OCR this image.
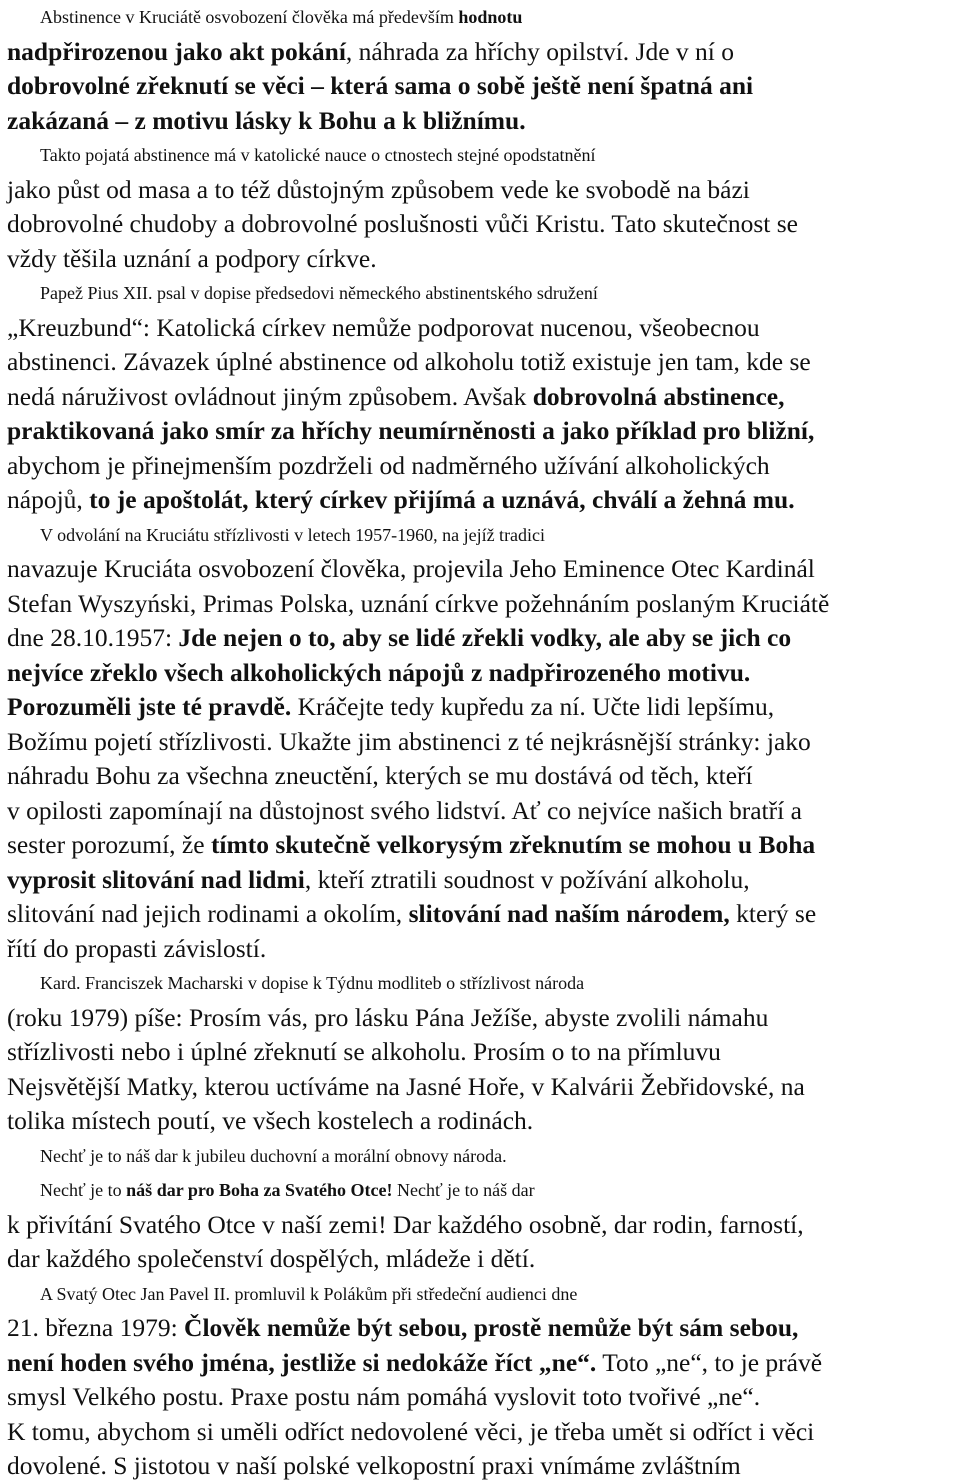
Abstinence v Kruciátě osvobození člověka má především hodnotu
nadpřirozenou jako akt pokání, náhrada za hříchy opilství. Jde v ní o
dobrovolné zřeknutí se věci – která sama o sobě ještě není špatná ani
zakázaná – z motivu lásky k Bohu a k bližnímu.
Takto pojatá abstinence má v katolické nauce o ctnostech stejné opodstatnění
jako půst od masa a to též důstojným způsobem vede ke svobodě na bázi
dobrovolné chudoby a dobrovolné poslušnosti vůči Kristu. Tato skutečnost se
vždy těšila uznání a podpory církve.
Papež Pius XII. psal v dopise předsedovi německého abstinentského sdružení
„Kreuzbund“: Katolická církev nemůže podporovat nucenou, všeobecnou
abstinenci. Závazek úplné abstinence od alkoholu totiž existuje jen tam, kde se
nedá náruživost ovládnout jiným způsobem. Avšak dobrovolná abstinence,
praktikovaná jako smír za hříchy neumírněnosti a jako příklad pro bližní,
abychom je přinejmenším pozdrželi od nadměrného užívání alkoholických
nápojů, to je apoštolát, který církev přijímá a uznává, chválí a žehná mu.
V odvolání na Kruciátu střízlivosti v letech 1957-1960, na jejíž tradici
navazuje Kruciáta osvobození člověka, projevila Jeho Eminence Otec Kardinál
Stefan Wyszyński, Primas Polska, uznání církve požehnáním poslaným Kruciátě
dne 28.10.1957: Jde nejen o to, aby se lidé zřekli vodky, ale aby se jich co
nejvíce zřeklo všech alkoholických nápojů z nadpřirozeného motivu.
Porozuměli jste té pravdě. Kráčejte tedy kupředu za ní. Učte lidi lepšímu,
Božímu pojetí střízlivosti. Ukažte jim abstinenci z té nejkrásnější stránky: jako
náhradu Bohu za všechna zneuctění, kterých se mu dostává od těch, kteří
v opilosti zapomínají na důstojnost svého lidství. Ať co nejvíce našich bratří a
sester porozumí, že tímto skutečně velkorysým zřeknutím se mohou u Boha
vyprosit slitování nad lidmi, kteří ztratili soudnost v požívání alkoholu,
slitování nad jejich rodinami a okolím, slitování nad naším národem, který se
řítí do propasti závislostí.
Kard. Franciszek Macharski v dopise k Týdnu modliteb o střízlivost národa
(roku 1979) píše: Prosím vás, pro lásku Pána Ježíše, abyste zvolili námahu
střízlivosti nebo i úplné zřeknutí se alkoholu. Prosím o to na přímluvu
Nejsvětější Matky, kterou uctíváme na Jasné Hoře, v Kalvárii Žebřidovské, na
tolika místech poutí, ve všech kostelech a rodinách.
Nechť je to náš dar k jubileu duchovní a morální obnovy národa.
Nechť je to náš dar pro Boha za Svatého Otce! Nechť je to náš dar
k přivítání Svatého Otce v naší zemi! Dar každého osobně, dar rodin, farností,
dar každého společenství dospělých, mládeže i dětí.
A Svatý Otec Jan Pavel II. promluvil k Polákům při středeční audienci dne
21. března 1979: Člověk nemůže být sebou, prostě nemůže být sám sebou,
není hoden svého jména, jestliže si nedokáže říct „ne“. Toto „ne“, to je právě
smysl Velkého postu. Praxe postu nám pomáhá vyslovit toto tvořivé „ne“.
K tomu, abychom si uměli odříct nedovolené věci, je třeba umět si odříct i věci
dovolené. S jistotou v naší polské velkopostní praxi vnímáme zvláštním
